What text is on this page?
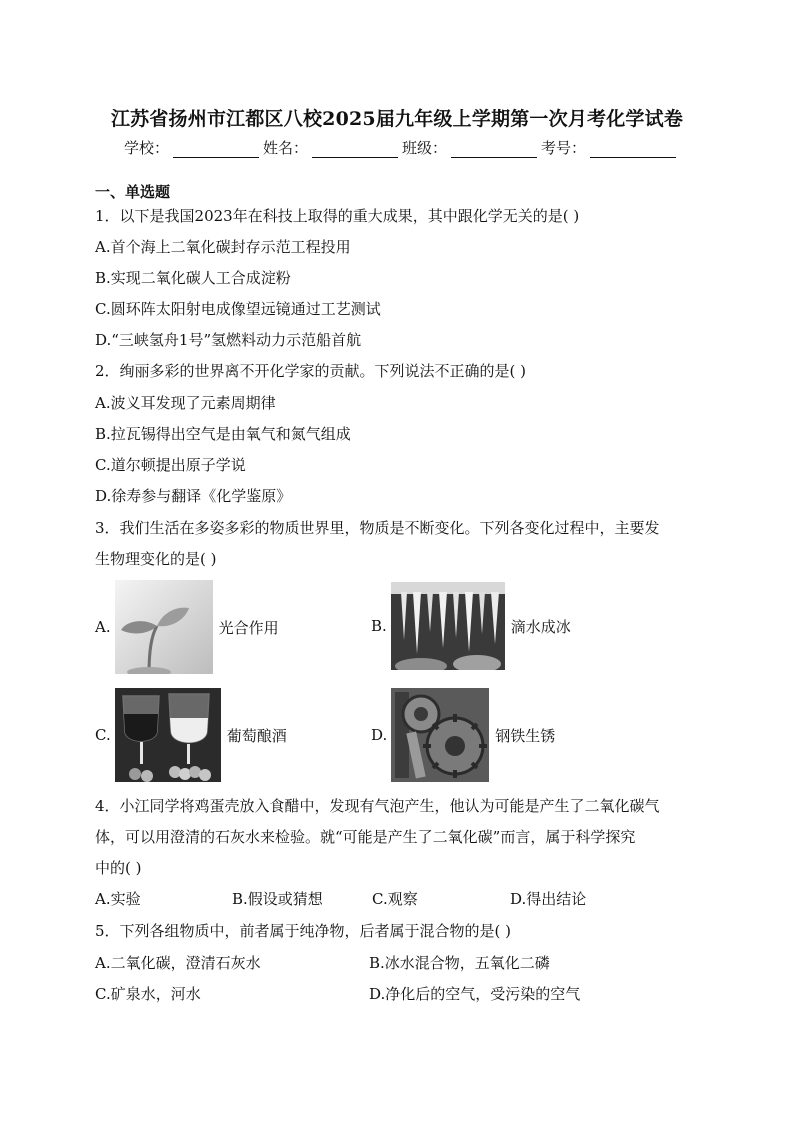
江苏省扬州市江都区八校2025届九年级上学期第一次月考化学试卷
学校：	姓名：	班级：	考号：
一、单选题
1．以下是我国2023年在科技上取得的重大成果，其中跟化学无关的是( )
A.首个海上二氧化碳封存示范工程投用
B.实现二氧化碳人工合成淀粉
C.圆环阵太阳射电成像望远镜通过工艺测试
D.“三峡氢舟1号”氢燃料动力示范船首航
2．绚丽多彩的世界离不开化学家的贡献。下列说法不正确的是( )
A.波义耳发现了元素周期律
B.拉瓦锡得出空气是由氧气和氮气组成
C.道尔顿提出原子学说
D.徐寿参与翻译《化学鉴原》
3．我们生活在多姿多彩的物质世界里，物质是不断变化。下列各变化过程中，主要发
生物理变化的是( )
A.	光合作用	B.	滴水成冰
C.	葡萄酿酒	D.	钢铁生锈
4．小江同学将鸡蛋壳放入食醋中，发现有气泡产生，他认为可能是产生了二氧化碳气
体，可以用澄清的石灰水来检验。就“可能是产生了二氧化碳”而言，属于科学探究
中的( )
A.实验	B.假设或猜想	C.观察	D.得出结论
5．下列各组物质中，前者属于纯净物，后者属于混合物的是( )
A.二氧化碳，澄清石灰水	B.冰水混合物，五氧化二磷
C.矿泉水，河水	D.净化后的空气，受污染的空气
